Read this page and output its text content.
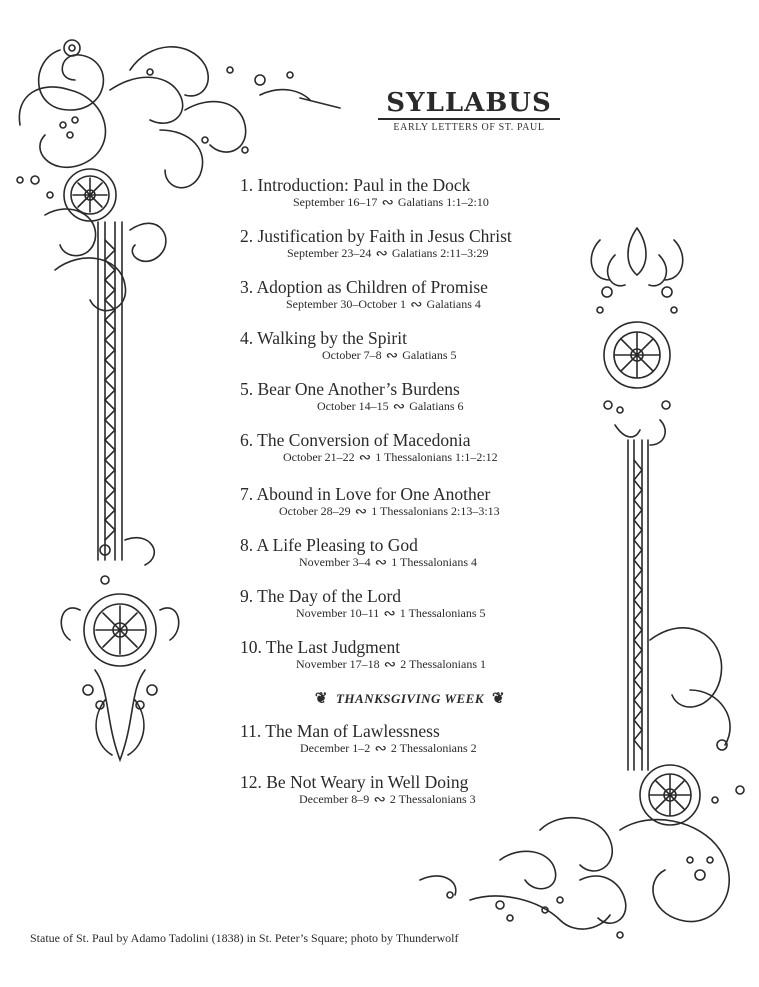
SYLLABUS
EARLY LETTERS OF ST. PAUL
1. Introduction: Paul in the Dock
September 16–17 ∾ Galatians 1:1–2:10
2. Justification by Faith in Jesus Christ
September 23–24 ∾ Galatians 2:11–3:29
3. Adoption as Children of Promise
September 30–October 1 ∾ Galatians 4
4. Walking by the Spirit
October 7–8 ∾ Galatians 5
5. Bear One Another’s Burdens
October 14–15 ∾ Galatians 6
6. The Conversion of Macedonia
October 21–22 ∾ 1 Thessalonians 1:1–2:12
7. Abound in Love for One Another
October 28–29 ∾ 1 Thessalonians 2:13–3:13
8. A Life Pleasing to God
November 3–4 ∾ 1 Thessalonians 4
9. The Day of the Lord
November 10–11 ∾ 1 Thessalonians 5
10. The Last Judgment
November 17–18 ∾ 2 Thessalonians 1
11. The Man of Lawlessness
December 1–2 ∾ 2 Thessalonians 2
12. Be Not Weary in Well Doing
December 8–9 ∾ 2 Thessalonians 3
❦ THANKSGIVING WEEK ❦
Statue of St. Paul by Adamo Tadolini (1838) in St. Peter’s Square; photo by Thunderwolf
